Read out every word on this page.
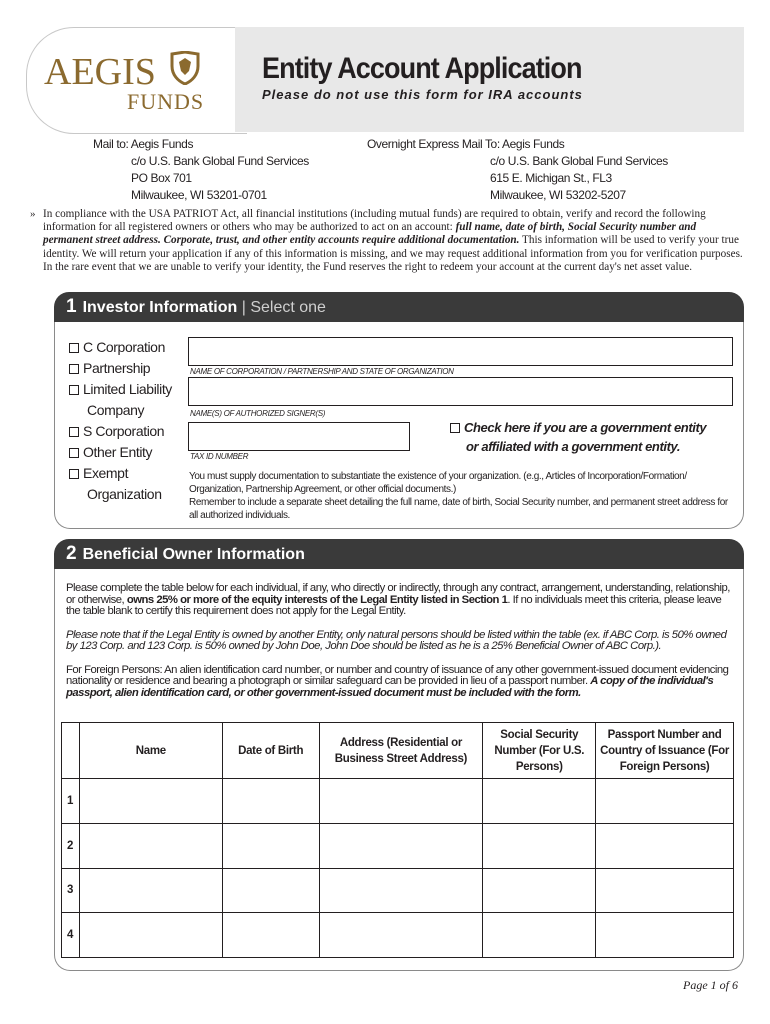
AEGIS
FUNDS
Entity Account Application
Please do not use this form for IRA accounts
Mail to: Aegis Funds
c/o U.S. Bank Global Fund Services
PO Box 701
Milwaukee, WI 53201-0701
Overnight Express Mail To: Aegis Funds
c/o U.S. Bank Global Fund Services
615 E. Michigan St., FL3
Milwaukee, WI 53202-5207
» In compliance with the USA PATRIOT Act, all financial institutions (including mutual funds) are required to obtain, verify and record the following information for all registered owners or others who may be authorized to act on an account: full name, date of birth, Social Security number and permanent street address. Corporate, trust, and other entity accounts require additional documentation. This information will be used to verify your true identity. We will return your application if any of this information is missing, and we may request additional information from you for verification purposes. In the rare event that we are unable to verify your identity, the Fund reserves the right to redeem your account at the current day's net asset value.
1 Investor Information | Select one
C Corporation
Partnership
Limited Liability
Company
S Corporation
Other Entity
Exempt
Organization
NAME OF CORPORATION / PARTNERSHIP AND STATE OF ORGANIZATION
NAME(S) OF AUTHORIZED SIGNER(S)
TAX ID NUMBER
Check here if you are a government entity
or affiliated with a government entity.
You must supply documentation to substantiate the existence of your organization. (e.g., Articles of Incorporation/Formation/ Organization, Partnership Agreement, or other official documents.)
Remember to include a separate sheet detailing the full name, date of birth, Social Security number, and permanent street address for all authorized individuals.
2 Beneficial Owner Information
Please complete the table below for each individual, if any, who directly or indirectly, through any contract, arrangement, understanding, relationship, or otherwise, owns 25% or more of the equity interests of the Legal Entity listed in Section 1. If no individuals meet this criteria, please leave the table blank to certify this requirement does not apply for the Legal Entity.
Please note that if the Legal Entity is owned by another Entity, only natural persons should be listed within the table (ex. if ABC Corp. is 50% owned by 123 Corp. and 123 Corp. is 50% owned by John Doe, John Doe should be listed as he is a 25% Beneficial Owner of ABC Corp.).
For Foreign Persons: An alien identification card number, or number and country of issuance of any other government-issued document evidencing nationality or residence and bearing a photograph or similar safeguard can be provided in lieu of a passport number. A copy of the individual's passport, alien identification card, or other government-issued document must be included with the form.
	Name	Date of Birth	Address (Residential or Business Street Address)	Social Security Number (For U.S. Persons)	Passport Number and Country of Issuance (For Foreign Persons)
1					
2					
3					
4					
Page 1 of 6
